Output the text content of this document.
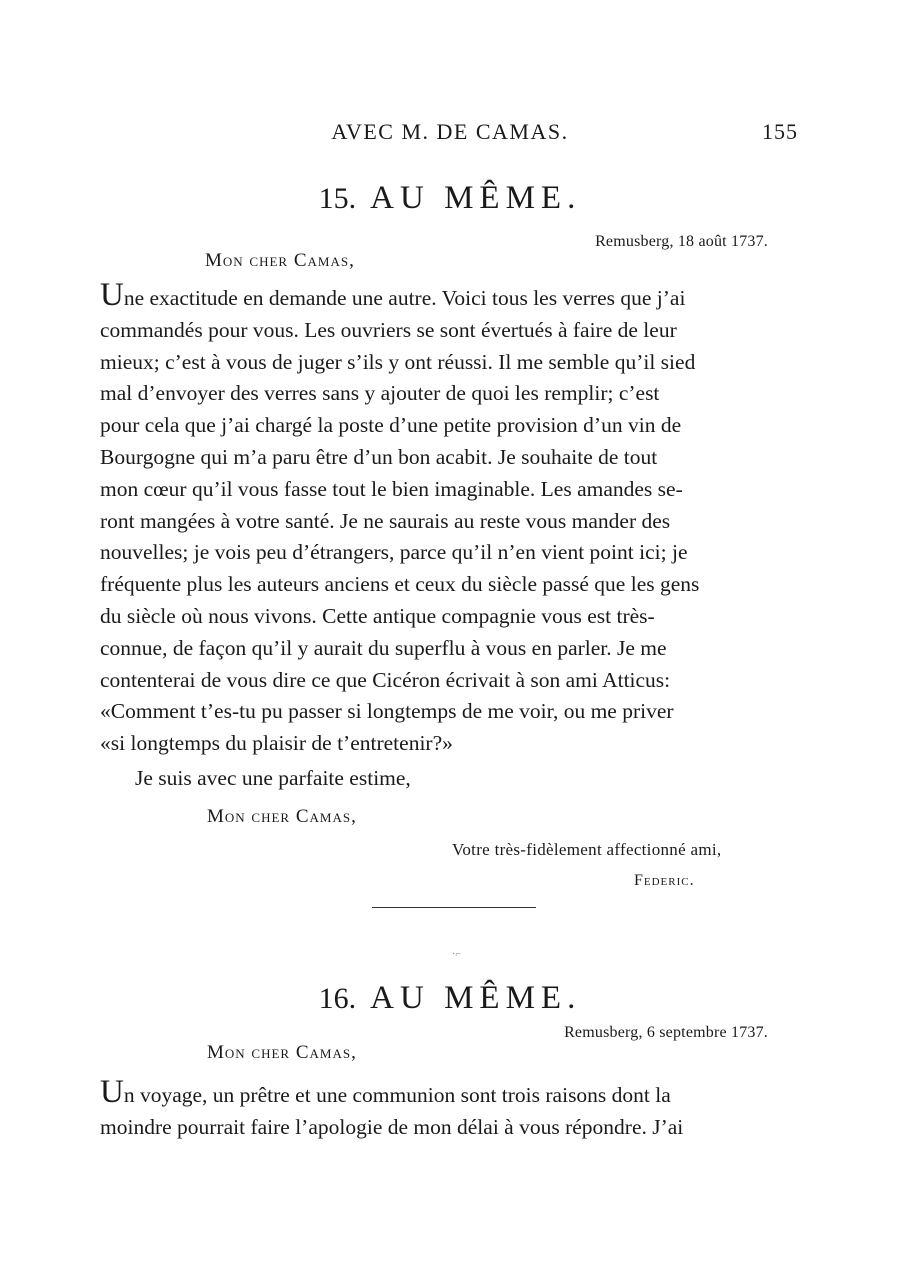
AVEC M. DE CAMAS.	155
15. AU MÊME.
Remusberg, 18 août 1737.
Mon cher Camas,
Une exactitude en demande une autre. Voici tous les verres que j’ai
commandés pour vous. Les ouvriers se sont évertués à faire de leur
mieux; c’est à vous de juger s’ils y ont réussi. Il me semble qu’il sied
mal d’envoyer des verres sans y ajouter de quoi les remplir; c’est
pour cela que j’ai chargé la poste d’une petite provision d’un vin de
Bourgogne qui m’a paru être d’un bon acabit. Je souhaite de tout
mon cœur qu’il vous fasse tout le bien imaginable. Les amandes se-
ront mangées à votre santé. Je ne saurais au reste vous mander des
nouvelles; je vois peu d’étrangers, parce qu’il n’en vient point ici; je
fréquente plus les auteurs anciens et ceux du siècle passé que les gens
du siècle où nous vivons. Cette antique compagnie vous est très-
connue, de façon qu’il y aurait du superflu à vous en parler. Je me
contenterai de vous dire ce que Cicéron écrivait à son ami Atticus:
«Comment t’es-tu pu passer si longtemps de me voir, ou me priver
«si longtemps du plaisir de t’entretenir?»
Je suis avec une parfaite estime,
Mon cher Camas,
Votre très-fidèlement affectionné ami,
Federic.
·⌐
16. AU MÊME.
Remusberg, 6 septembre 1737.
Mon cher Camas,
Un voyage, un prêtre et une communion sont trois raisons dont la
moindre pourrait faire l’apologie de mon délai à vous répondre. J’ai
